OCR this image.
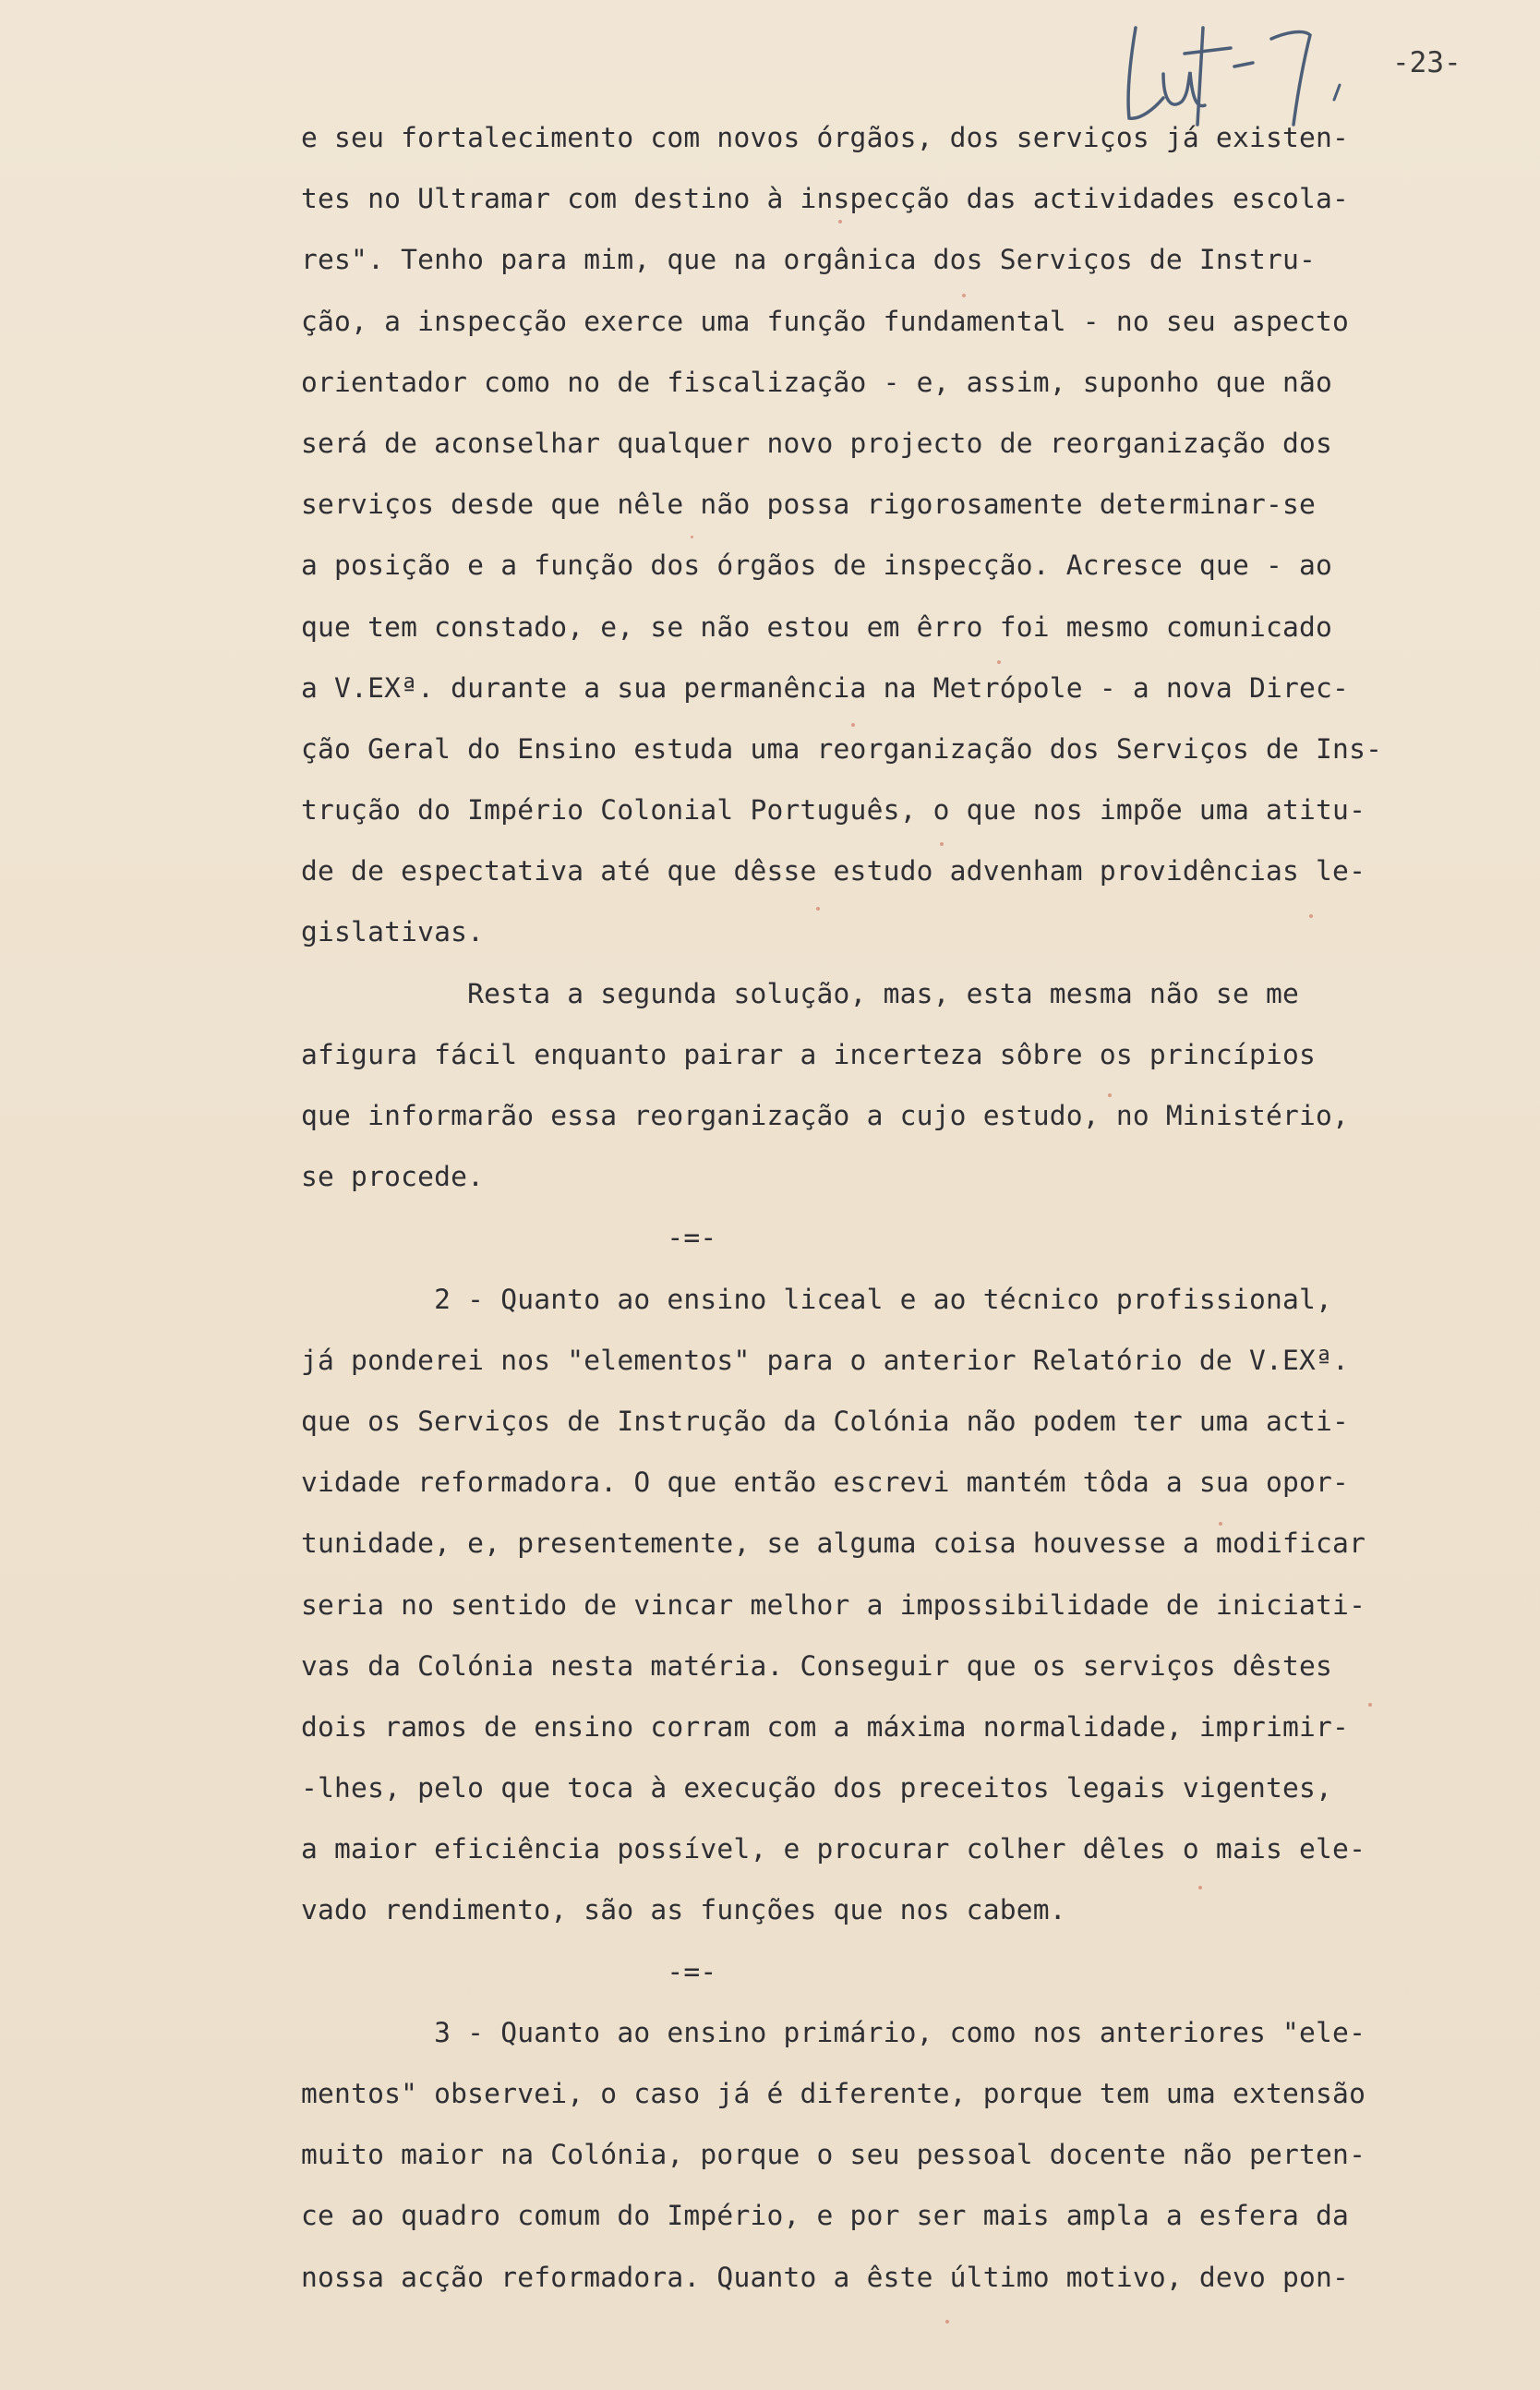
-23-
e seu fortalecimento com novos órgãos, dos serviços já existen-
tes no Ultramar com destino à inspecção das actividades escola-
res". Tenho para mim, que na orgânica dos Serviços de Instru-
ção, a inspecção exerce uma função fundamental - no seu aspecto
orientador como no de fiscalização - e, assim, suponho que não
será de aconselhar qualquer novo projecto de reorganização dos
serviços desde que nêle não possa rigorosamente determinar-se
a posição e a função dos órgãos de inspecção. Acresce que - ao
que tem constado, e, se não estou em êrro foi mesmo comunicado
a V.EXª. durante a sua permanência na Metrópole - a nova Direc-
ção Geral do Ensino estuda uma reorganização dos Serviços de Ins-
trução do Império Colonial Português, o que nos impõe uma atitu-
de de espectativa até que dêsse estudo advenham providências le-
gislativas.
Resta a segunda solução, mas, esta mesma não se me
afigura fácil enquanto pairar a incerteza sôbre os princípios
que informarão essa reorganização a cujo estudo, no Ministério,
se procede.
-=-
2 - Quanto ao ensino liceal e ao técnico profissional,
já ponderei nos "elementos" para o anterior Relatório de V.EXª.
que os Serviços de Instrução da Colónia não podem ter uma acti-
vidade reformadora. O que então escrevi mantém tôda a sua opor-
tunidade, e, presentemente, se alguma coisa houvesse a modificar
seria no sentido de vincar melhor a impossibilidade de iniciati-
vas da Colónia nesta matéria. Conseguir que os serviços dêstes
dois ramos de ensino corram com a máxima normalidade, imprimir-
-lhes, pelo que toca à execução dos preceitos legais vigentes,
a maior eficiência possível, e procurar colher dêles o mais ele-
vado rendimento, são as funções que nos cabem.
-=-
3 - Quanto ao ensino primário, como nos anteriores "ele-
mentos" observei, o caso já é diferente, porque tem uma extensão
muito maior na Colónia, porque o seu pessoal docente não perten-
ce ao quadro comum do Império, e por ser mais ampla a esfera da
nossa acção reformadora. Quanto a êste último motivo, devo pon-
